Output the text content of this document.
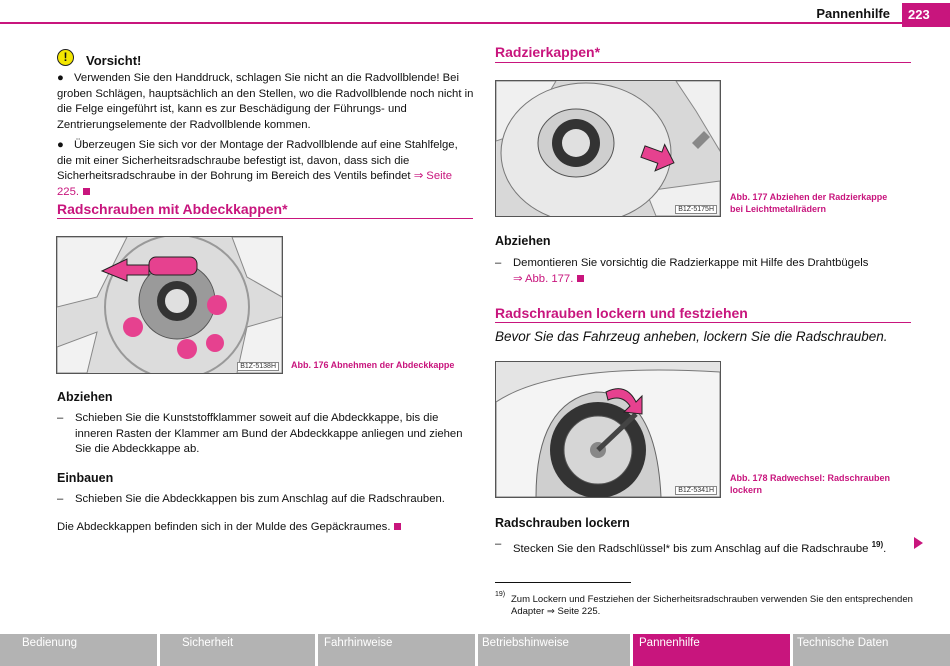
Pannenhilfe	223
!	Vorsicht!
● Verwenden Sie den Handdruck, schlagen Sie nicht an die Radvollblende! Bei groben Schlägen, hauptsächlich an den Stellen, wo die Radvollblende noch nicht in die Felge eingeführt ist, kann es zur Beschädigung der Führungs- und Zentrierungselemente der Radvollblende kommen.
● Überzeugen Sie sich vor der Montage der Radvollblende auf eine Stahlfelge, die mit einer Sicherheitsradschraube befestigt ist, davon, dass sich die Sicherheitsradschraube in der Bohrung im Bereich des Ventils befindet ⇒ Seite 225.
Radschrauben mit Abdeckkappen*
B1Z-5138H	Abb. 176 Abnehmen der Abdeckkappe
Abziehen
–	Schieben Sie die Kunststoffklammer soweit auf die Abdeckkappe, bis die inneren Rasten der Klammer am Bund der Abdeckkappe anliegen und ziehen Sie die Abdeckkappe ab.
Einbauen
–	Schieben Sie die Abdeckkappen bis zum Anschlag auf die Radschrauben.
Die Abdeckkappen befinden sich in der Mulde des Gepäckraumes.
Radzierkappen*
B1Z-5175H
Abb. 177 Abziehen der Radzierkappe
bei Leichtmetallrädern
Abziehen
–	Demontieren Sie vorsichtig die Radzierkappe mit Hilfe des Drahtbügels
⇒ Abb. 177.
Radschrauben lockern und festziehen
Bevor Sie das Fahrzeug anheben, lockern Sie die Radschrauben.
B1Z-5341H
Abb. 178 Radwechsel: Radschrauben
lockern
Radschrauben lockern
–	Stecken Sie den Radschlüssel* bis zum Anschlag auf die Radschraube $^{19)}$.
19) Zum Lockern und Festziehen der Sicherheitsradschrauben verwenden Sie den entsprechenden
Adapter ⇒ Seite 225.
Bedienung	Sicherheit	Fahrhinweise	Betriebshinweise	Pannenhilfe	Technische Daten
